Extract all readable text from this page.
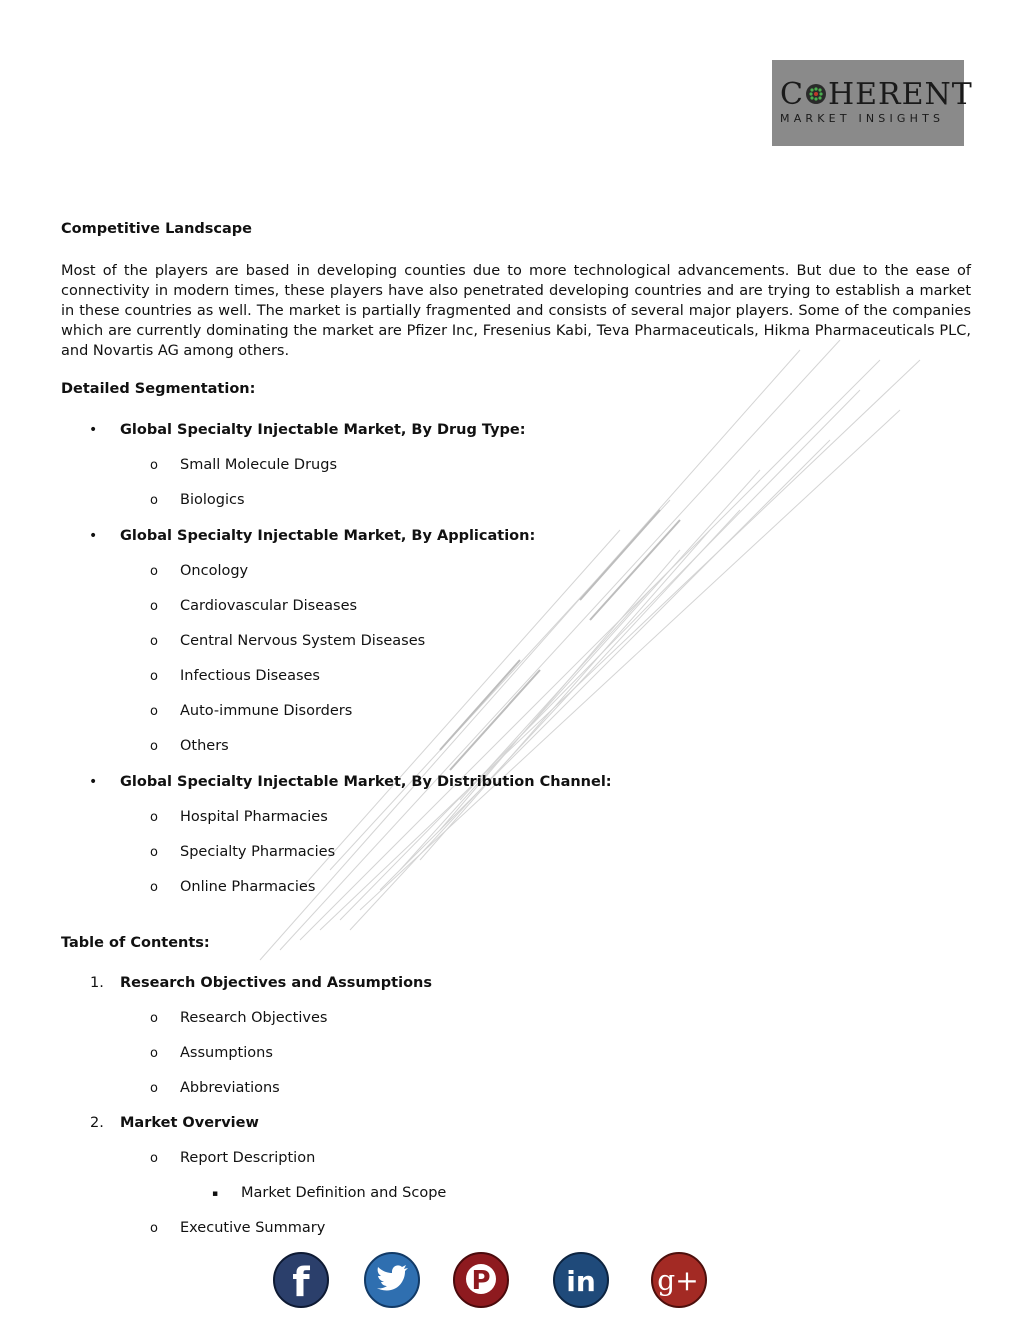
C HERENT
MARKET INSIGHTS
Competitive Landscape
Most of the players are based in developing counties due to more technological advancements. But due to the ease of connectivity in modern times, these players have also penetrated developing countries and are trying to establish a market in these countries as well. The market is partially fragmented and consists of several major players. Some of the companies which are currently dominating the market are Pfizer Inc, Fresenius Kabi, Teva Pharmaceuticals, Hikma Pharmaceuticals PLC, and Novartis AG among others.
Detailed Segmentation:
• Global Specialty Injectable Market, By Drug Type:
o Small Molecule Drugs
o Biologics
• Global Specialty Injectable Market, By Application:
o Oncology
o Cardiovascular Diseases
o Central Nervous System Diseases
o Infectious Diseases
o Auto-immune Disorders
o Others
• Global Specialty Injectable Market, By Distribution Channel:
o Hospital Pharmacies
o Specialty Pharmacies
o Online Pharmacies
Table of Contents:
1. Research Objectives and Assumptions
o Research Objectives
o Assumptions
o Abbreviations
2. Market Overview
o Report Description
▪ Market Definition and Scope
o Executive Summary
f	P	in g+
